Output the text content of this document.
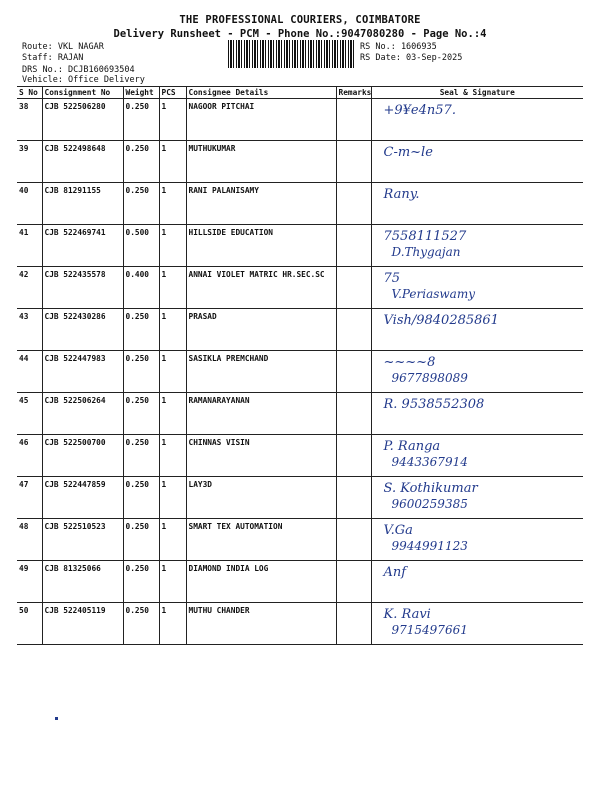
THE PROFESSIONAL COURIERS, COIMBATORE
Delivery Runsheet - PCM - Phone No.:9047080280 - Page No.:4
Route: VKL NAGAR
Staff: RAJAN
DRS No.: DCJB160693504
Vehicle: Office Delivery
RS No.: 1606935
RS Date: 03-Sep-2025
S No	Consignment No	Weight	PCS	Consignee Details	Remarks	Seal & Signature
38	CJB 522506280	0.250	1	NAGOOR PITCHAI		+9¥e4n57.

39	CJB 522498648	0.250	1	MUTHUKUMAR		C-m~le

40	CJB 81291155	0.250	1	RANI PALANISAMY		Rany.

41	CJB 522469741	0.500	1	HILLSIDE EDUCATION		7558111527
D.Thygajan

42	CJB 522435578	0.400	1	ANNAI VIOLET MATRIC HR.SEC.SC		75
V.Periaswamy

43	CJB 522430286	0.250	1	PRASAD		Vish/9840285861

44	CJB 522447983	0.250	1	SASIKLA PREMCHAND		~~~~8
9677898089

45	CJB 522506264	0.250	1	RAMANARAYANAN		R. 9538552308

46	CJB 522500700	0.250	1	CHINNAS VISIN		P. Ranga
9443367914

47	CJB 522447859	0.250	1	LAY3D		S. Kothikumar
9600259385

48	CJB 522510523	0.250	1	SMART TEX AUTOMATION		V.Ga
9944991123

49	CJB 81325066	0.250	1	DIAMOND INDIA LOG		Anf

50	CJB 522405119	0.250	1	MUTHU CHANDER		K. Ravi
9715497661
